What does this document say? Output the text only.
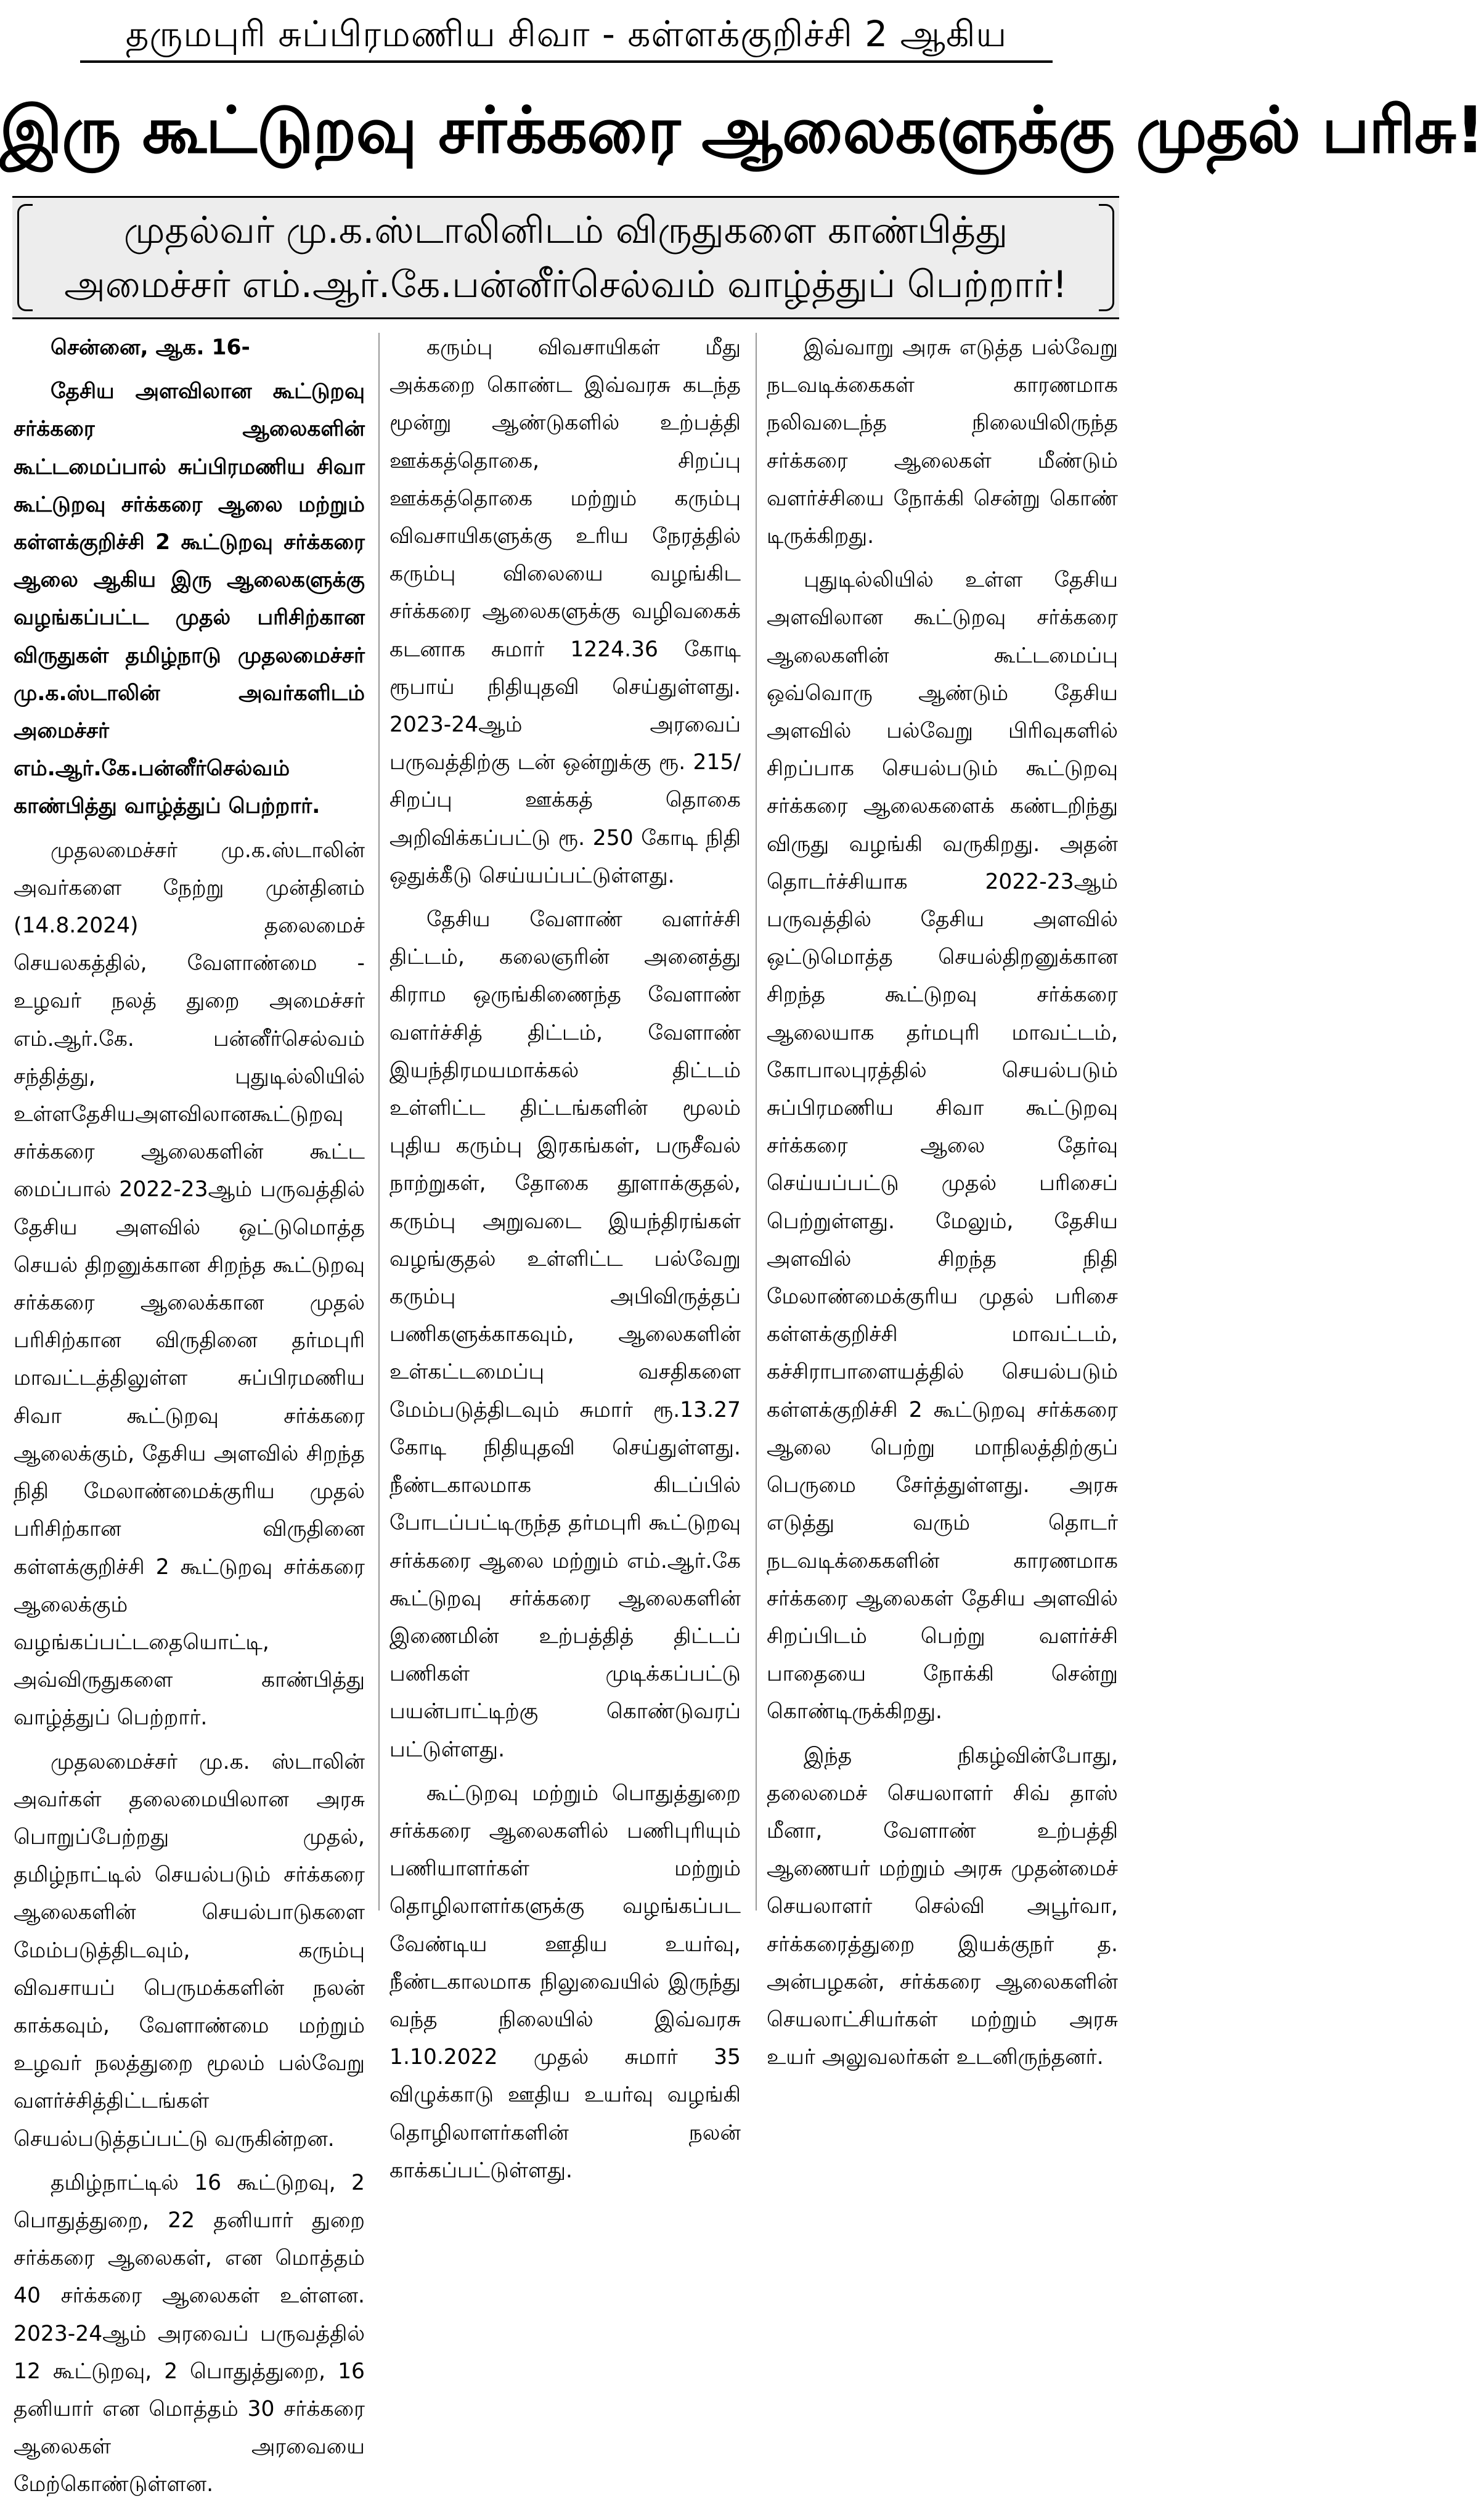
தருமபுரி சுப்பிரமணிய சிவா - கள்ளக்குறிச்சி 2 ஆகிய
இரு கூட்டுறவு சர்க்கரை ஆலைகளுக்கு முதல் பரிசு!
முதல்வர் மு.க.ஸ்டாலினிடம் விருதுகளை காண்பித்து
அமைச்சர் எம்.ஆர்.கே.பன்னீர்செல்வம் வாழ்த்துப் பெற்றார்!

சென்னை, ஆக. 16-

தேசிய அளவிலான கூட்டுறவு சர்க்கரை ஆலைகளின் கூட்டமைப்பால் சுப்பிரமணிய சிவா கூட்டுறவு சர்க்கரை ஆலை மற்றும் கள்ளக்குறிச்சி 2 கூட்டுறவு சர்க்கரை ஆலை ஆகிய இரு ஆலைகளுக்கு வழங்கப்பட்ட முதல் பரிசிற்கான விருதுகள் தமிழ்நாடு முதலமைச்சர் மு.க.ஸ்டாலின் அவர்களிடம் அமைச்சர் எம்.ஆர்.கே.பன்னீர்செல்வம் காண்பித்து வாழ்த்துப் பெற்றார்.

முதலமைச்சர் மு.க.ஸ்டாலின் அவர்களை நேற்று முன்தினம் (14.8.2024) தலைமைச் செயலகத்தில், வேளாண்மை - உழவர் நலத் துறை அமைச்சர் எம்.ஆர்.கே. பன்னீர்செல்வம் சந்தித்து, புதுடில்லியில் உள்ளதேசியஅளவிலானகூட்டுறவு சர்க்கரை ஆலைகளின் கூட்ட மைப்பால் 2022-23ஆம் பருவத்தில் தேசிய அளவில் ஒட்டுமொத்த செயல் திறனுக்கான சிறந்த கூட்டுறவு சர்க்கரை ஆலைக்கான முதல் பரிசிற்கான விருதினை தர்மபுரி மாவட்டத்திலுள்ள சுப்பிரமணிய சிவா கூட்டுறவு சர்க்கரை ஆலைக்கும், தேசிய அளவில் சிறந்த நிதி மேலாண்மைக்குரிய முதல் பரிசிற்கான விருதினை கள்ளக்குறிச்சி 2 கூட்டுறவு சர்க்கரை ஆலைக்கும் வழங்கப்பட்டதையொட்டி, அவ்விருதுகளை காண்பித்து வாழ்த்துப் பெற்றார்.

முதலமைச்சர் மு.க. ஸ்டாலின் அவர்கள் தலைமையிலான அரசு பொறுப்பேற்றது முதல், தமிழ்நாட்டில் செயல்படும் சர்க்கரை ஆலைகளின் செயல்பாடுகளை மேம்படுத்திடவும், கரும்பு விவசாயப் பெருமக்களின் நலன் காக்கவும், வேளாண்மை மற்றும் உழவர் நலத்துறை மூலம் பல்வேறு வளர்ச்சித்திட்டங்கள் செயல்படுத்தப்பட்டு வருகின்றன.

தமிழ்நாட்டில் 16 கூட்டுறவு, 2 பொதுத்துறை, 22 தனியார் துறை சர்க்கரை ஆலைகள், என மொத்தம் 40 சர்க்கரை ஆலைகள் உள்ளன. 2023-24ஆம் அரவைப் பருவத்தில் 12 கூட்டுறவு, 2 பொதுத்துறை, 16 தனியார் என மொத்தம் 30 சர்க்கரை ஆலைகள் அரவையை மேற்கொண்டுள்ளன.

கரும்பு விவசாயிகள் மீது அக்கறை கொண்ட இவ்வரசு கடந்த மூன்று ஆண்டுகளில் உற்பத்தி ஊக்கத்தொகை, சிறப்பு ஊக்கத்தொகை மற்றும் கரும்பு விவசாயிகளுக்கு உரிய நேரத்தில் கரும்பு விலையை வழங்கிட சர்க்கரை ஆலைகளுக்கு வழிவகைக் கடனாக சுமார் 1224.36 கோடி ரூபாய் நிதியுதவி செய்துள்ளது. 2023-24ஆம் அரவைப் பருவத்திற்கு டன் ஒன்றுக்கு ரூ. 215/சிறப்பு ஊக்கத் தொகை அறிவிக்கப்பட்டு ரூ. 250 கோடி நிதி ஒதுக்கீடு செய்யப்பட்டுள்ளது.

தேசிய வேளாண் வளர்ச்சி திட்டம், கலைஞரின் அனைத்து கிராம ஒருங்கிணைந்த வேளாண் வளர்ச்சித் திட்டம், வேளாண் இயந்திரமயமாக்கல் திட்டம் உள்ளிட்ட திட்டங்களின் மூலம் புதிய கரும்பு இரகங்கள், பருசீவல் நாற்றுகள், தோகை தூளாக்குதல், கரும்பு அறுவடை இயந்திரங்கள் வழங்குதல் உள்ளிட்ட பல்வேறு கரும்பு அபிவிருத்தப் பணிகளுக்காகவும், ஆலைகளின் உள்கட்டமைப்பு வசதிகளை மேம்படுத்திடவும் சுமார் ரூ.13.27 கோடி நிதியுதவி செய்துள்ளது. நீண்டகாலமாக கிடப்பில் போடப்பட்டிருந்த தர்மபுரி கூட்டுறவு சர்க்கரை ஆலை மற்றும் எம்.ஆர்.கே கூட்டுறவு சர்க்கரை ஆலைகளின் இணைமின் உற்பத்தித் திட்டப் பணிகள் முடிக்கப்பட்டு பயன்பாட்டிற்கு கொண்டுவரப் பட்டுள்ளது.

கூட்டுறவு மற்றும் பொதுத்துறை சர்க்கரை ஆலைகளில் பணிபுரியும் பணியாளர்கள் மற்றும் தொழிலாளர்களுக்கு வழங்கப்பட வேண்டிய ஊதிய உயர்வு, நீண்டகாலமாக நிலுவையில் இருந்து வந்த நிலையில் இவ்வரசு 1.10.2022 முதல் சுமார் 35 விழுக்காடு ஊதிய உயர்வு வழங்கி தொழிலாளர்களின் நலன் காக்கப்பட்டுள்ளது.

இவ்வாறு அரசு எடுத்த பல்வேறு நடவடிக்கைகள் காரணமாக நலிவடைந்த நிலையிலிருந்த சர்க்கரை ஆலைகள் மீண்டும் வளர்ச்சியை நோக்கி சென்று கொண் டிருக்கிறது.

புதுடில்லியில் உள்ள தேசிய அளவிலான கூட்டுறவு சர்க்கரை ஆலைகளின் கூட்டமைப்பு ஒவ்வொரு ஆண்டும் தேசிய அளவில் பல்வேறு பிரிவுகளில் சிறப்பாக செயல்படும் கூட்டுறவு சர்க்கரை ஆலைகளைக் கண்டறிந்து விருது வழங்கி வருகிறது. அதன் தொடர்ச்சியாக 2022-23ஆம் பருவத்தில் தேசிய அளவில் ஒட்டுமொத்த செயல்திறனுக்கான சிறந்த கூட்டுறவு சர்க்கரை ஆலையாக தர்மபுரி மாவட்டம், கோபாலபுரத்தில் செயல்படும் சுப்பிரமணிய சிவா கூட்டுறவு சர்க்கரை ஆலை தேர்வு செய்யப்பட்டு முதல் பரிசைப் பெற்றுள்ளது. மேலும், தேசிய அளவில் சிறந்த நிதி மேலாண்மைக்குரிய முதல் பரிசை கள்ளக்குறிச்சி மாவட்டம், கச்சிராபாளையத்தில் செயல்படும் கள்ளக்குறிச்சி 2 கூட்டுறவு சர்க்கரை ஆலை பெற்று மாநிலத்திற்குப் பெருமை சேர்த்துள்ளது. அரசு எடுத்து வரும் தொடர் நடவடிக்கைகளின் காரணமாக சர்க்கரை ஆலைகள் தேசிய அளவில் சிறப்பிடம் பெற்று வளர்ச்சி பாதையை நோக்கி சென்று கொண்டிருக்கிறது.

இந்த நிகழ்வின்போது, தலைமைச் செயலாளர் சிவ் தாஸ் மீனா, வேளாண் உற்பத்தி ஆணையர் மற்றும் அரசு முதன்மைச் செயலாளர் செல்வி அபூர்வா, சர்க்கரைத்துறை இயக்குநர் த. அன்பழகன், சர்க்கரை ஆலைகளின் செயலாட்சியர்கள் மற்றும் அரசு உயர் அலுவலர்கள் உடனிருந்தனர்.
